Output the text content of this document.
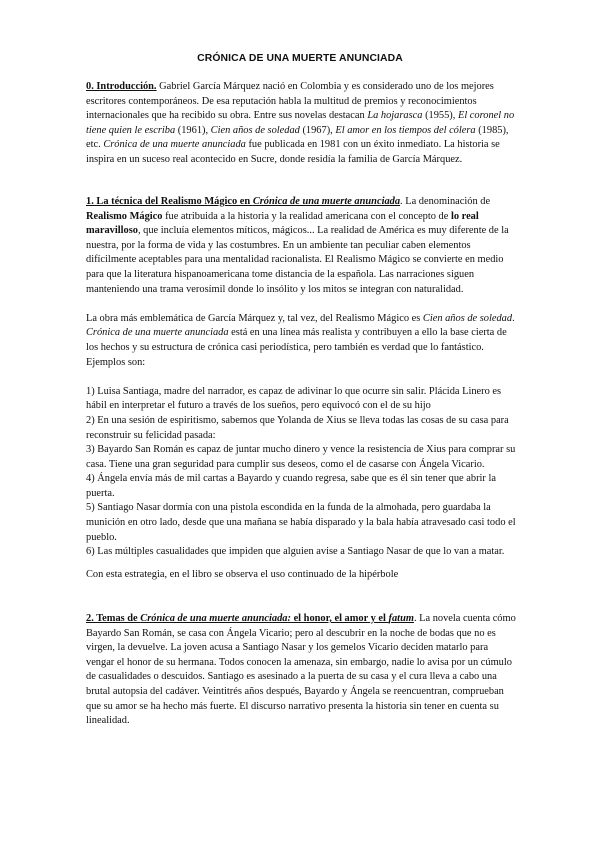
CRÓNICA DE UNA MUERTE ANUNCIADA

0. Introducción. Gabriel García Márquez nació en Colombia y es considerado uno de los mejores escritores contemporáneos. De esa reputación habla la multitud de premios y reconocimientos internacionales que ha recibido su obra. Entre sus novelas destacan La hojarasca (1955), El coronel no tiene quien le escriba (1961), Cien años de soledad (1967), El amor en los tiempos del cólera (1985), etc. Crónica de una muerte anunciada fue publicada en 1981 con un éxito inmediato. La historia se inspira en un suceso real acontecido en Sucre, donde residía la familia de García Márquez.

1. La técnica del Realismo Mágico en Crónica de una muerte anunciada. La denominación de Realismo Mágico fue atribuida a la historia y la realidad americana con el concepto de lo real maravilloso, que incluía elementos míticos, mágicos... La realidad de América es muy diferente de la nuestra, por la forma de vida y las costumbres. En un ambiente tan peculiar caben elementos difícilmente aceptables para una mentalidad racionalista. El Realismo Mágico se convierte en medio para que la literatura hispanoamericana tome distancia de la española. Las narraciones siguen manteniendo una trama verosímil donde lo insólito y los mitos se integran con naturalidad.

La obra más emblemática de García Márquez y, tal vez, del Realismo Mágico es Cien años de soledad. Crónica de una muerte anunciada está en una línea más realista y contribuyen a ello la base cierta de los hechos y su estructura de crónica casi periodística, pero también es verdad que lo fantástico. Ejemplos son:

1) Luisa Santiaga, madre del narrador, es capaz de adivinar lo que ocurre sin salir. Plácida Linero es hábil en interpretar el futuro a través de los sueños, pero equivocó con el de su hijo

2) En una sesión de espiritismo, sabemos que Yolanda de Xius se lleva todas las cosas de su casa para reconstruir su felicidad pasada:

3) Bayardo San Román es capaz de juntar mucho dinero y vence la resistencia de Xius para comprar su casa. Tiene una gran seguridad para cumplir sus deseos, como el de casarse con Ángela Vicario.

4) Ángela envía más de mil cartas a Bayardo y cuando regresa, sabe que es él sin tener que abrir la puerta.

5) Santiago Nasar dormía con una pistola escondida en la funda de la almohada, pero guardaba la munición en otro lado, desde que una mañana se había disparado y la bala había atravesado casi todo el pueblo.

6) Las múltiples casualidades que impiden que alguien avise a Santiago Nasar de que lo van a matar.

Con esta estrategia, en el libro se observa el uso continuado de la hipérbole

2. Temas de Crónica de una muerte anunciada: el honor, el amor y el fatum. La novela cuenta cómo Bayardo San Román, se casa con Ángela Vicario; pero al descubrir en la noche de bodas que no es virgen, la devuelve. La joven acusa a Santiago Nasar y los gemelos Vicario deciden matarlo para vengar el honor de su hermana. Todos conocen la amenaza, sin embargo, nadie lo avisa por un cúmulo de casualidades o descuidos. Santiago es asesinado a la puerta de su casa y el cura lleva a cabo una brutal autopsia del cadáver. Veintitrés años después, Bayardo y Ángela se reencuentran, comprueban que su amor se ha hecho más fuerte. El discurso narrativo presenta la historia sin tener en cuenta su linealidad.
